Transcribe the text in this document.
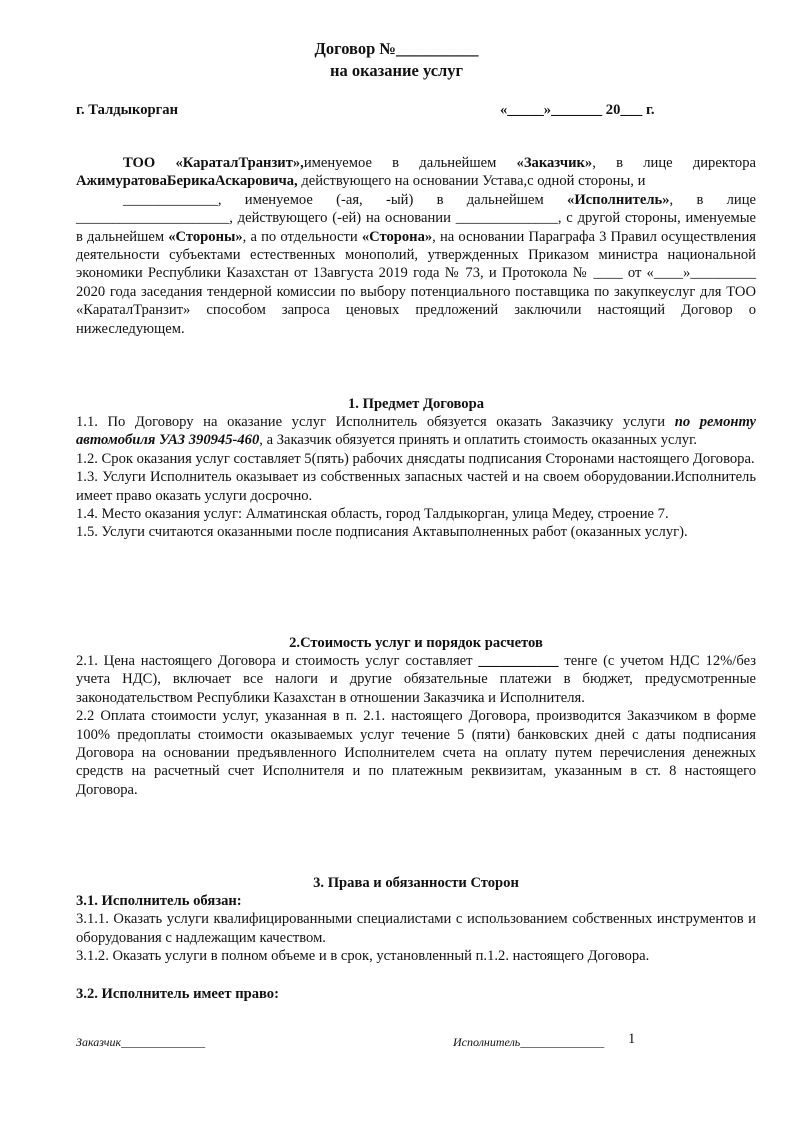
Договор №__________
на оказание услуг
г. Талдыкорган	«_____»_______ 20___ г.

ТОО «КараталТранзит»,именуемое в дальнейшем «Заказчик», в лице директора АжимуратоваБерикаАскаровича, действующего на основании Устава,с одной стороны, и

_____________, именуемое (-ая, -ый) в дальнейшем «Исполнитель», в лице _____________________, действующего (-ей) на основании ______________, с другой стороны, именуемые в дальнейшем «Стороны», а по отдельности «Сторона», на основании Параграфа 3 Правил осуществления деятельности субъектами естественных монополий, утвержденных Приказом министра национальной экономики Республики Казахстан от 13августа 2019 года № 73, и Протокола № ____ от «____»_________ 2020 года заседания тендерной комиссии по выбору потенциального поставщика по закупкеуслуг для ТОО «КараталТранзит» способом запроса ценовых предложений заключили настоящий Договор о нижеследующем.

1. Предмет Договора

1.1. По Договору на оказание услуг Исполнитель обязуется оказать Заказчику услуги по ремонту автомобиля УАЗ 390945-460, а Заказчик обязуется принять и оплатить стоимость оказанных услуг.

1.2. Срок оказания услуг составляет 5(пять) рабочих днясдаты подписания Сторонами настоящего Договора.

1.3. Услуги Исполнитель оказывает из собственных запасных частей и на своем оборудовании.Исполнитель имеет право оказать услуги досрочно.

1.4. Место оказания услуг: Алматинская область, город Талдыкорган, улица Медеу, строение 7.

1.5. Услуги считаются оказанными после подписания Актавыполненных работ (оказанных услуг).

2.Стоимость услуг и порядок расчетов

2.1. Цена настоящего Договора и стоимость услуг составляет ___________ тенге (с учетом НДС 12%/без учета НДС), включает все налоги и другие обязательные платежи в бюджет, предусмотренные законодательством Республики Казахстан в отношении Заказчика и Исполнителя.

2.2 Оплата стоимости услуг, указанная в п. 2.1. настоящего Договора, производится Заказчиком в форме 100% предоплаты стоимости оказываемых услуг течение 5 (пяти) банковских дней с даты подписания Договора на основании предъявленного Исполнителем счета на оплату путем перечисления денежных средств на расчетный счет Исполнителя и по платежным реквизитам, указанным в ст. 8 настоящего Договора.

3. Права и обязанности Сторон

3.1. Исполнитель обязан:

3.1.1. Оказать услуги квалифицированными специалистами с использованием собственных инструментов и оборудования с надлежащим качеством.

3.1.2. Оказать услуги в полном объеме и в срок, установленный п.1.2. настоящего Договора.

3.2. Исполнитель имеет право:
Заказчик______________	Исполнитель______________ 1
